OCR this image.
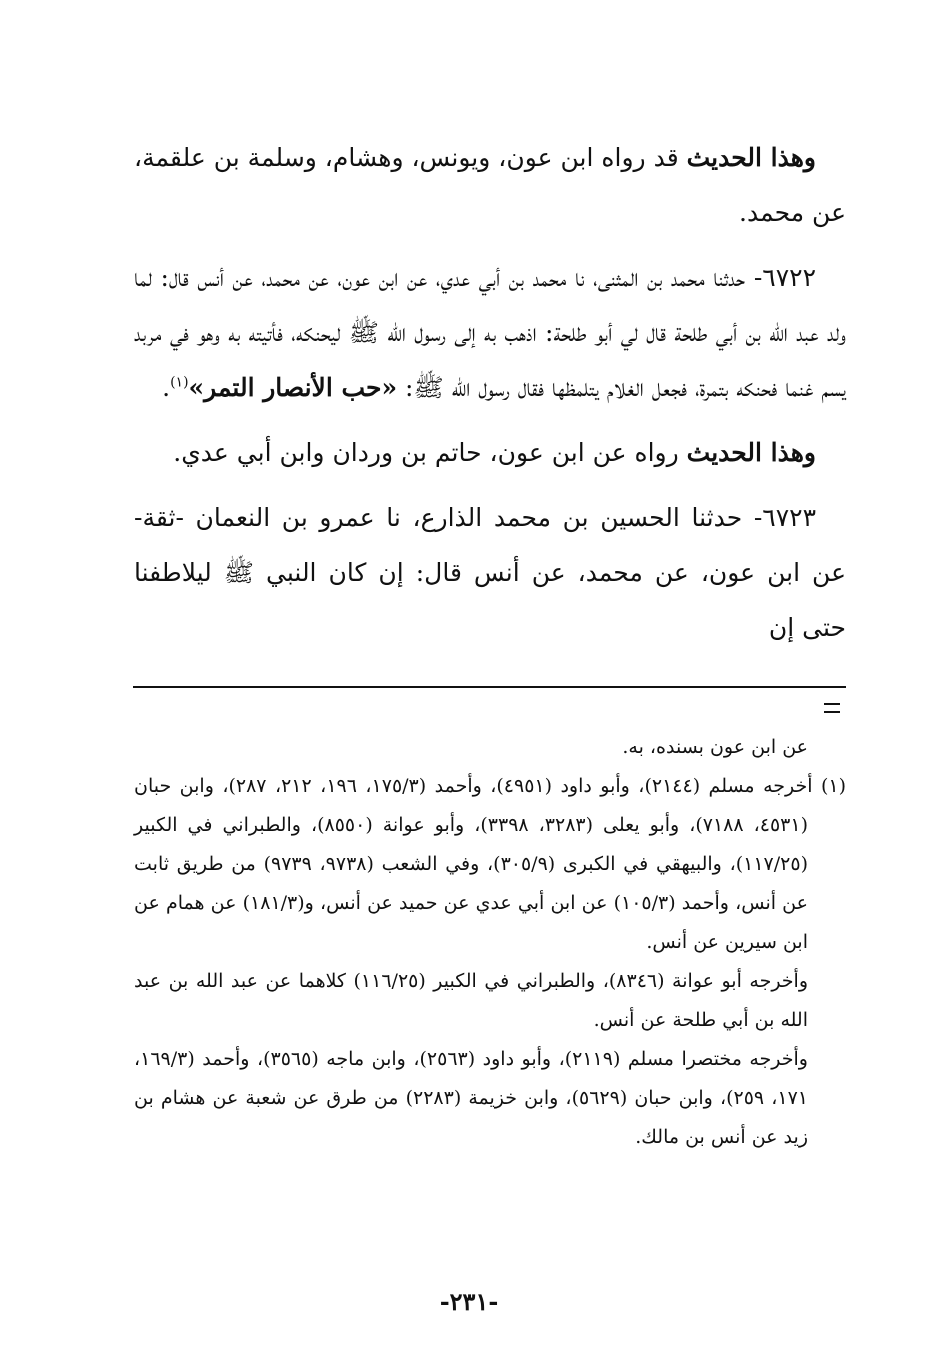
وهذا الحديث قد رواه ابن عون، ويونس، وهشام، وسلمة بن علقمة، عن محمد.

٦٧٢٢- حدثنا محمد بن المثنى، نا محمد بن أبي عدي، عن ابن عون، عن محمد، عن أنس قال: لما ولد عبد الله بن أبي طلحة قال لي أبو طلحة: اذهب به إلى رسول الله ﷺ ليحنكه، فأتيته به وهو في مربد يسم غنما فحنكه بتمرة، فجعل الغلام يتلمظها فقال رسول الله ﷺ: «حب الأنصار التمر»$^{(١)}$.

وهذا الحديث رواه عن ابن عون، حاتم بن وردان وابن أبي عدي.

٦٧٢٣- حدثنا الحسين بن محمد الذارع، نا عمرو بن النعمان -ثقة- عن ابن عون، عن محمد، عن أنس قال: إن كان النبي ﷺ ليلاطفنا حتى إن

عن ابن عون بسنده، به.

(١) أخرجه مسلم (٢١٤٤)، وأبو داود (٤٩٥١)، وأحمد (١٧٥/٣، ١٩٦، ٢١٢، ٢٨٧)، وابن حبان (٤٥٣١، ٧١٨٨)، وأبو يعلى (٣٢٨٣، ٣٣٩٨)، وأبو عوانة (٨٥٥٠)، والطبراني في الكبير (١١٧/٢٥)، والبيهقي في الكبرى (٣٠٥/٩)، وفي الشعب (٩٧٣٨، ٩٧٣٩) من طريق ثابت عن أنس، وأحمد (١٠٥/٣) عن ابن أبي عدي عن حميد عن أنس، و(١٨١/٣) عن همام عن ابن سيرين عن أنس.

وأخرجه أبو عوانة (٨٣٤٦)، والطبراني في الكبير (١١٦/٢٥) كلاهما عن عبد الله بن عبد الله بن أبي طلحة عن أنس.

وأخرجه مختصرا مسلم (٢١١٩)، وأبو داود (٢٥٦٣)، وابن ماجه (٣٥٦٥)، وأحمد (١٦٩/٣، ١٧١، ٢٥٩)، وابن حبان (٥٦٢٩)، وابن خزيمة (٢٢٨٣) من طرق عن شعبة عن هشام بن زيد عن أنس بن مالك.

-٢٣١-
